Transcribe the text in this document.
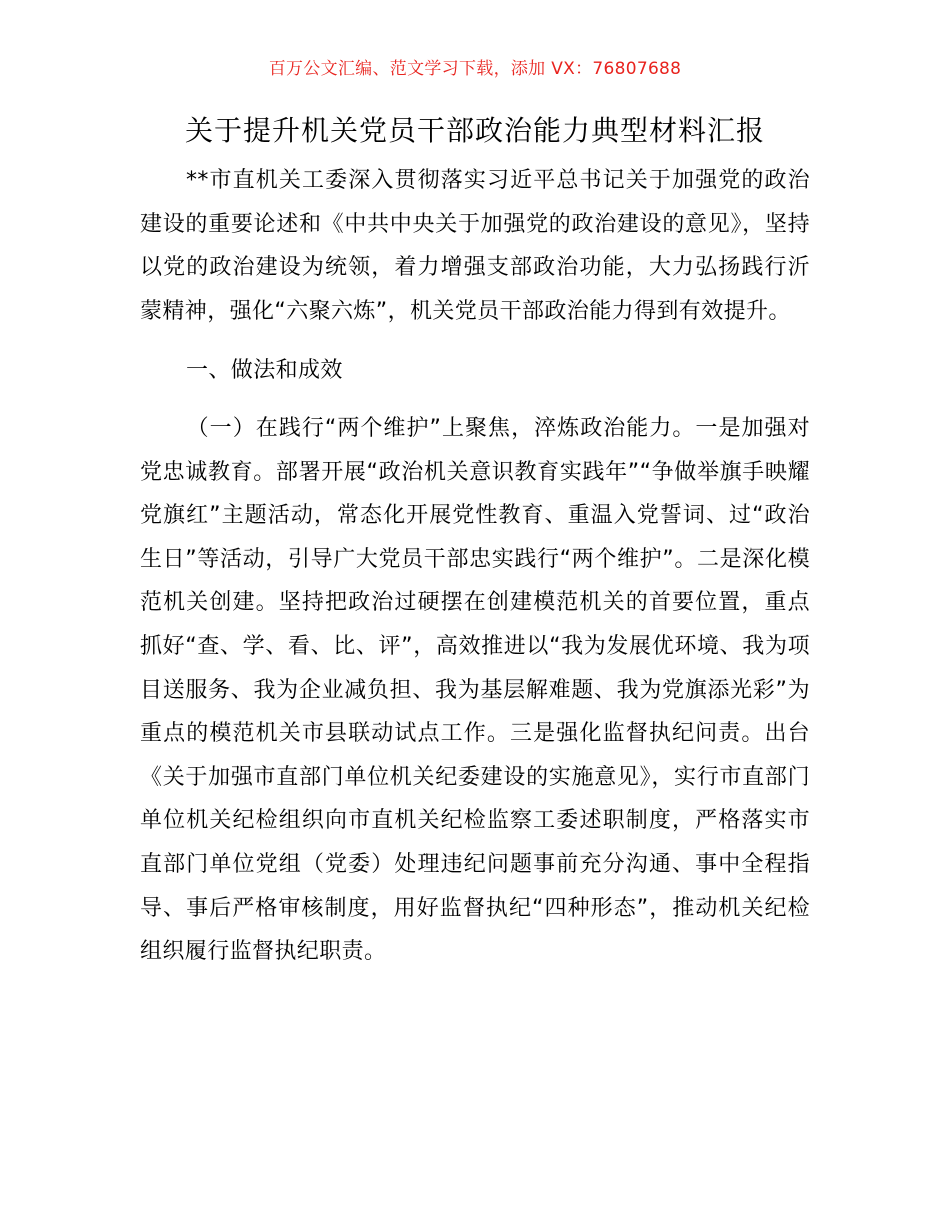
百万公文汇编、范文学习下载，添加 VX：76807688

关于提升机关党员干部政治能力典型材料汇报

**市直机关工委深入贯彻落实习近平总书记关于加强党的政治建设的重要论述和《中共中央关于加强党的政治建设的意见》，坚持以党的政治建设为统领，着力增强支部政治功能，大力弘扬践行沂蒙精神，强化“六聚六炼”，机关党员干部政治能力得到有效提升。

一、做法和成效

（一）在践行“两个维护”上聚焦，淬炼政治能力。一是加强对党忠诚教育。部署开展“政治机关意识教育实践年”“争做举旗手映耀党旗红”主题活动，常态化开展党性教育、重温入党誓词、过“政治生日”等活动，引导广大党员干部忠实践行“两个维护”。二是深化模范机关创建。坚持把政治过硬摆在创建模范机关的首要位置，重点抓好“查、学、看、比、评”，高效推进以“我为发展优环境、我为项目送服务、我为企业减负担、我为基层解难题、我为党旗添光彩”为重点的模范机关市县联动试点工作。三是强化监督执纪问责。出台《关于加强市直部门单位机关纪委建设的实施意见》，实行市直部门单位机关纪检组织向市直机关纪检监察工委述职制度，严格落实市直部门单位党组（党委）处理违纪问题事前充分沟通、事中全程指导、事后严格审核制度，用好监督执纪“四种形态”，推动机关纪检组织履行监督执纪职责。
